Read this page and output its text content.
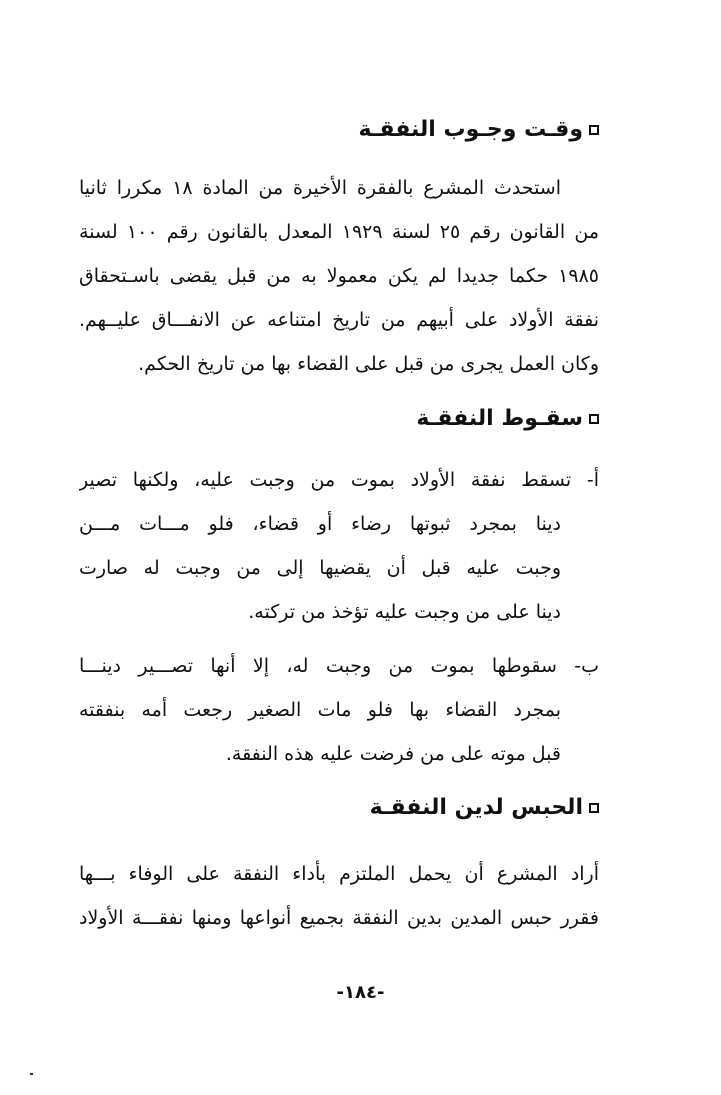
وقـت وجـوب النفقـة
استحدث المشرع بالفقرة الأخيرة من المادة ١٨ مكررا ثانيا
من القانون رقم ٢٥ لسنة ١٩٢٩ المعدل بالقانون رقم ١٠٠ لسنة
١٩٨٥ حكما جديدا لم يكن معمولا به من قبل يقضى باسـتحقاق
نفقة الأولاد على أبيهم من تاريخ امتناعه عن الانفـــاق عليــهم.
وكان العمل يجرى من قبل على القضاء بها من تاريخ الحكم.
سقـوط النفقـة
أ- تسقط نفقة الأولاد بموت من وجبت عليه، ولكنها تصير
دينا بمجرد ثبوتها رضاء أو قضاء، فلو مـــات مـــن
وجبت عليه قبل أن يقضيها إلى من وجبت له صارت
دينا على من وجبت عليه تؤخذ من تركته.
ب- سقوطها بموت من وجبت له، إلا أنها تصـــير دينـــا
بمجرد القضاء بها فلو مات الصغير رجعت أمه بنفقته
قبل موته على من فرضت عليه هذه النفقة.
الحبس لدين النفقـة
أراد المشرع أن يحمل الملتزم بأداء النفقة على الوفاء بـــها
فقرر حبس المدين بدين النفقة بجميع أنواعها ومنها نفقـــة الأولاد
-١٨٤-
